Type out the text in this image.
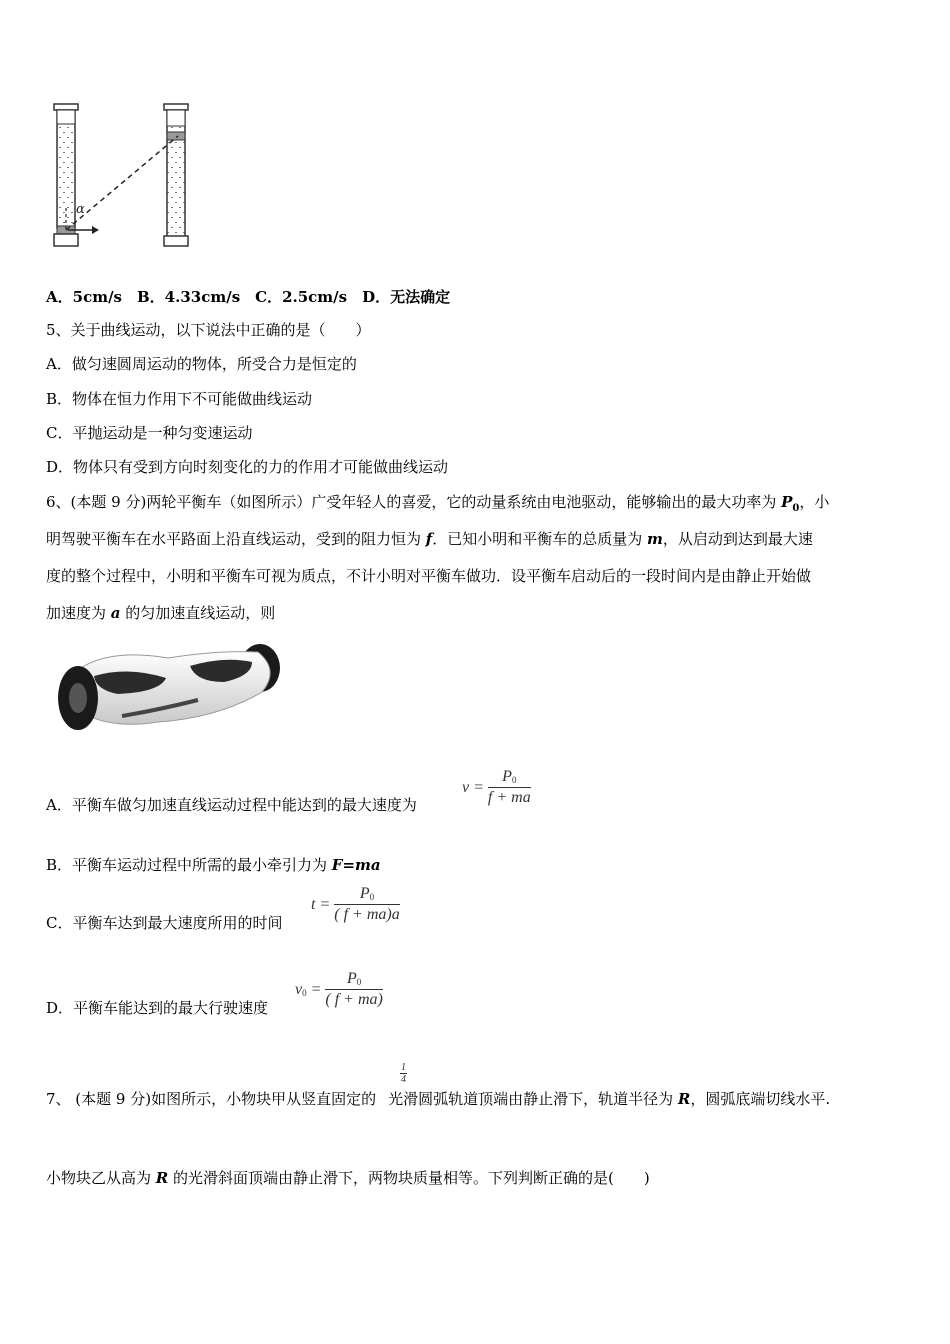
α
A．5cm/s　B．4.33cm/s　C．2.5cm/s　D．无法确定
5、关于曲线运动，以下说法中正确的是（　　）
A．做匀速圆周运动的物体，所受合力是恒定的
B．物体在恒力作用下不可能做曲线运动
C．平抛运动是一种匀变速运动
D．物体只有受到方向时刻变化的力的作用才可能做曲线运动
6、(本题 9 分)两轮平衡车（如图所示）广受年轻人的喜爱，它的动量系统由电池驱动，能够输出的最大功率为 $P_0$，小
明驾驶平衡车在水平路面上沿直线运动，受到的阻力恒为 f．已知小明和平衡车的总质量为 m，从启动到达到最大速
度的整个过程中，小明和平衡车可视为质点，不计小明对平衡车做功．设平衡车启动后的一段时间内是由静止开始做
加速度为 a 的匀加速直线运动，则
A．平衡车做匀加速直线运动过程中能达到的最大速度为
$v = \frac{P_0}{f + ma}$
B．平衡车运动过程中所需的最小牵引力为 F=ma
C．平衡车达到最大速度所用的时间
$t = \frac{P_0}{( f + ma)a}$
D．平衡车能达到的最大行驶速度
$v_0 = \frac{P_0}{( f + ma)}$
1
4
7、 (本题 9 分)如图所示，小物块甲从竖直固定的 光滑圆弧轨道顶端由静止滑下，轨道半径为 R，圆弧底端切线水平.
小物块乙从高为 R 的光滑斜面顶端由静止滑下，两物块质量相等。下列判断正确的是(　　)
